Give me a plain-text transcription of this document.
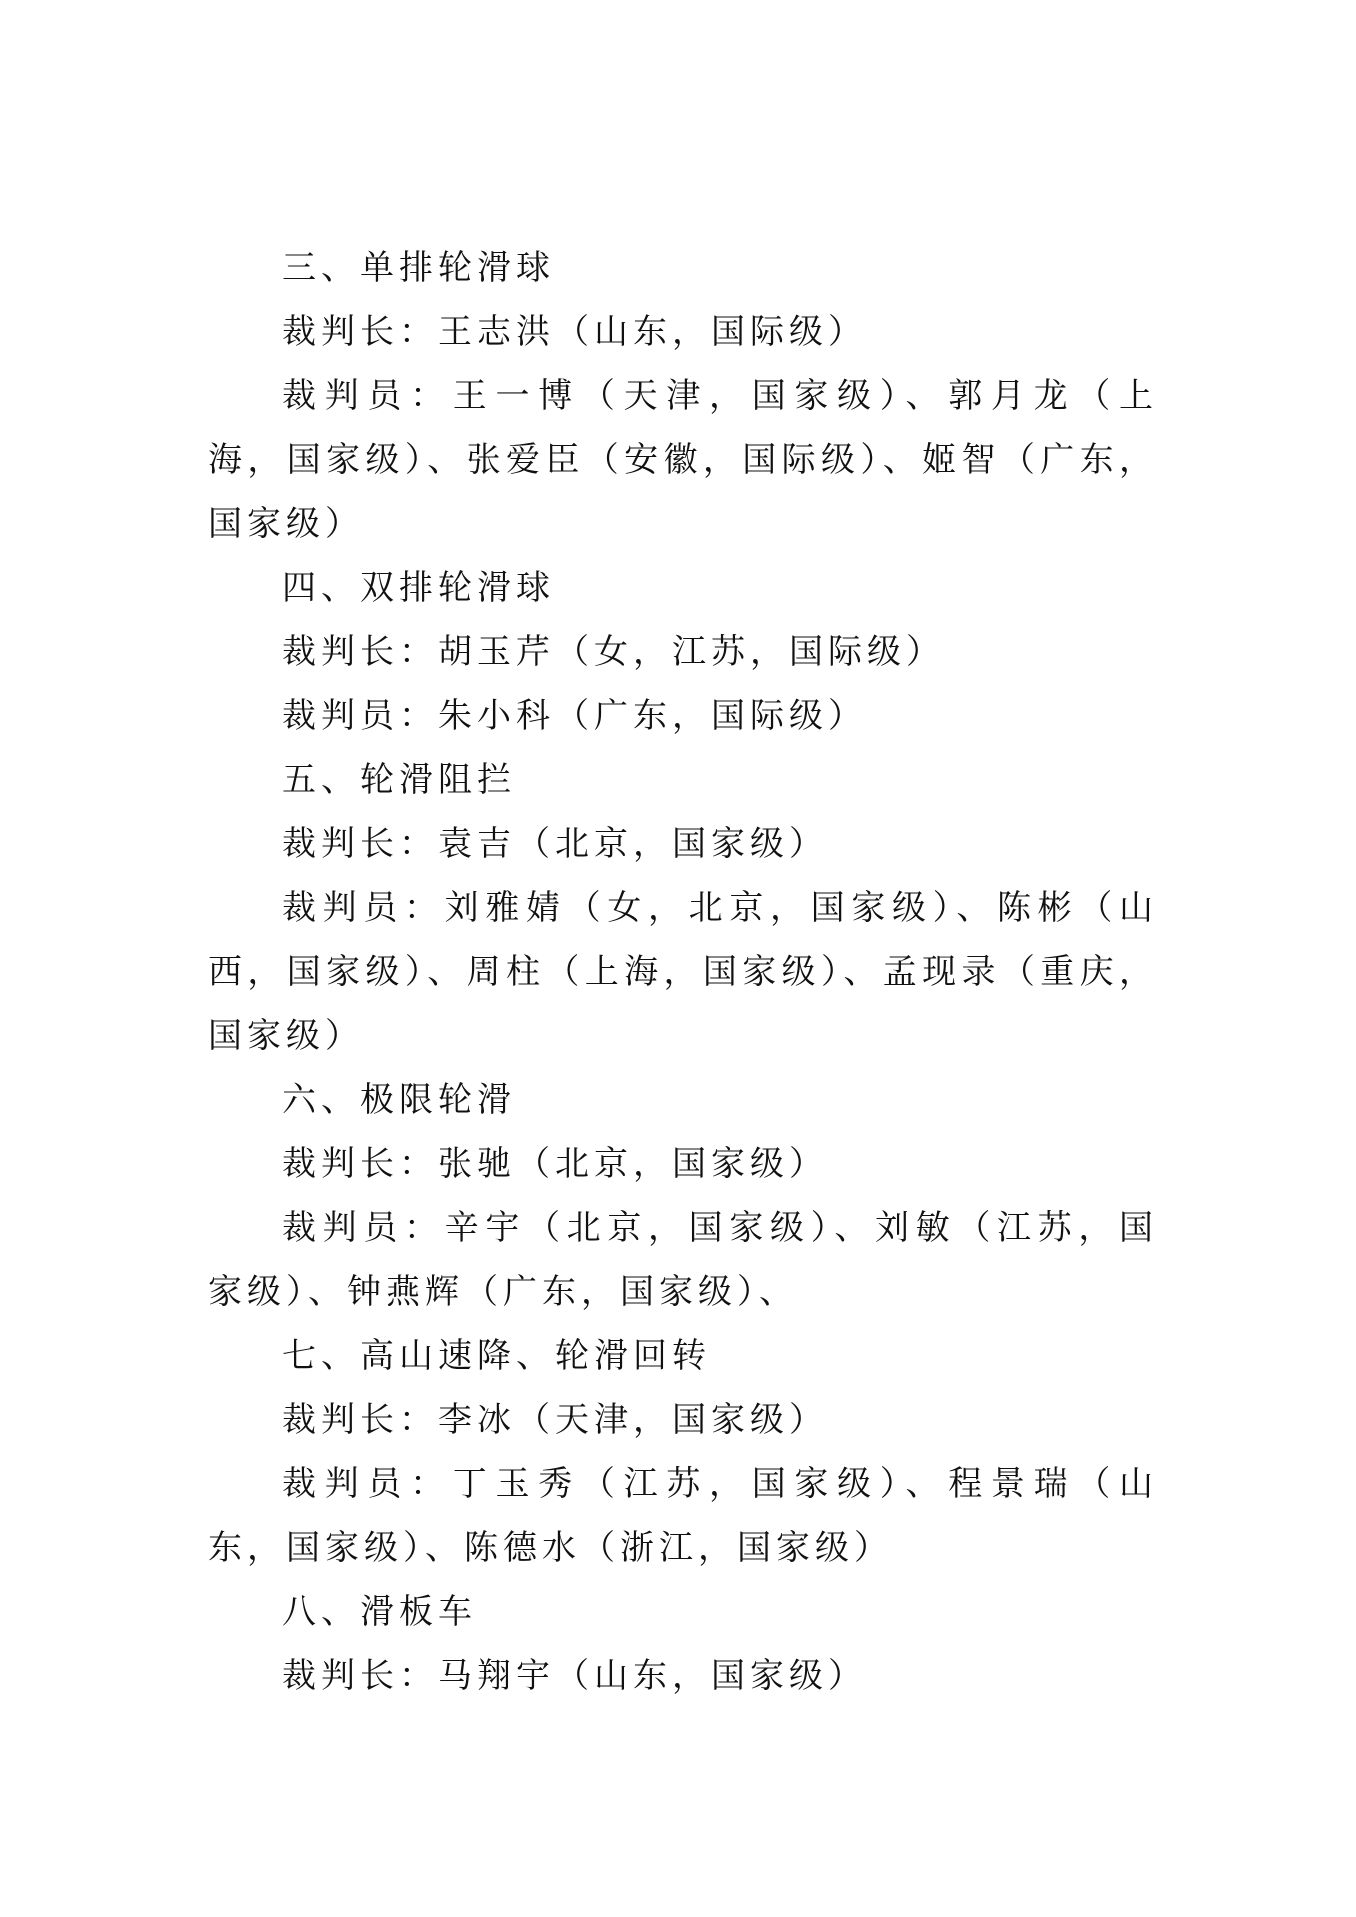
三、单排轮滑球

裁判长：王志洪（山东，国际级）

裁判员：王一博（天津，国家级）、郭月龙（上海，国家级）、张爱臣（安徽，国际级）、姬智（广东，国家级）

四、双排轮滑球

裁判长：胡玉芹（女，江苏，国际级）

裁判员：朱小科（广东，国际级）

五、轮滑阻拦

裁判长：袁吉（北京，国家级）

裁判员：刘雅婧（女，北京，国家级）、陈彬（山西，国家级）、周柱（上海，国家级）、孟现录（重庆，国家级）

六、极限轮滑

裁判长：张驰（北京，国家级）

裁判员：辛宇（北京，国家级）、刘敏（江苏，国家级）、钟燕辉（广东，国家级）、

七、高山速降、轮滑回转

裁判长：李冰（天津，国家级）

裁判员：丁玉秀（江苏，国家级）、程景瑞（山东，国家级）、陈德水（浙江，国家级）

八、滑板车

裁判长：马翔宇（山东，国家级）
